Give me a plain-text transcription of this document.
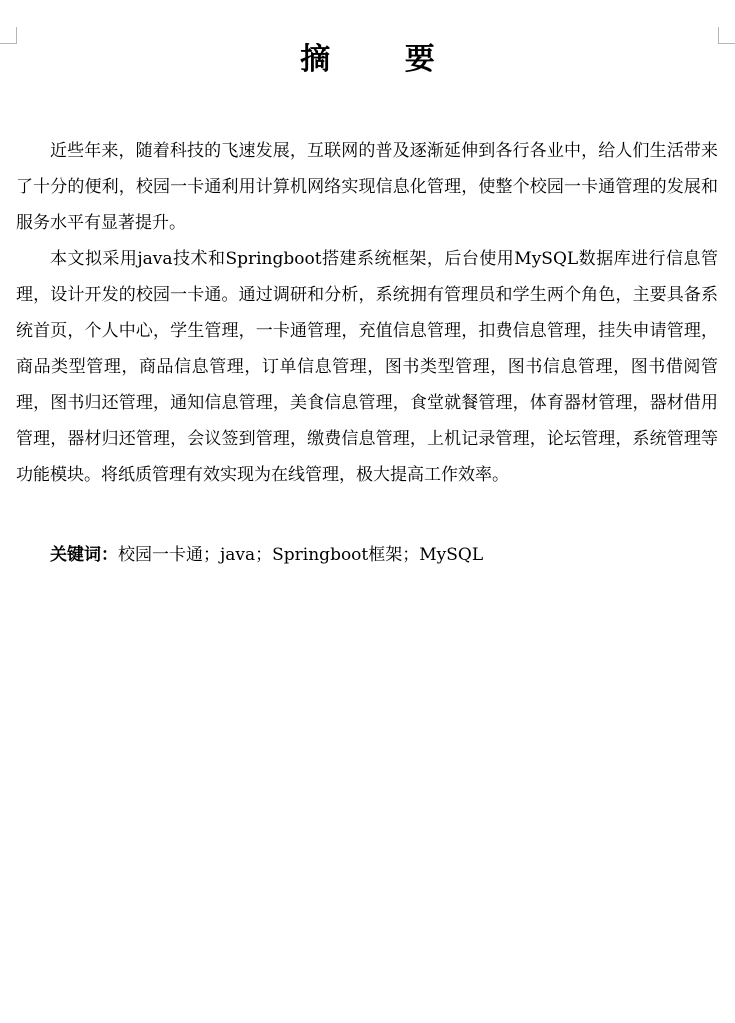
摘 要

近些年来，随着科技的飞速发展，互联网的普及逐渐延伸到各行各业中，给人们生活带来了十分的便利，校园一卡通利用计算机网络实现信息化管理，使整个校园一卡通管理的发展和服务水平有显著提升。

本文拟采用java技术和Springboot搭建系统框架，后台使用MySQL数据库进行信息管理，设计开发的校园一卡通。通过调研和分析，系统拥有管理员和学生两个角色，主要具备系统首页，个人中心，学生管理，一卡通管理，充值信息管理，扣费信息管理，挂失申请管理，商品类型管理，商品信息管理，订单信息管理，图书类型管理，图书信息管理，图书借阅管理，图书归还管理，通知信息管理，美食信息管理，食堂就餐管理，体育器材管理，器材借用管理，器材归还管理，会议签到管理，缴费信息管理，上机记录管理，论坛管理，系统管理等功能模块。将纸质管理有效实现为在线管理，极大提高工作效率。

关键词：校园一卡通；java；Springboot框架；MySQL
